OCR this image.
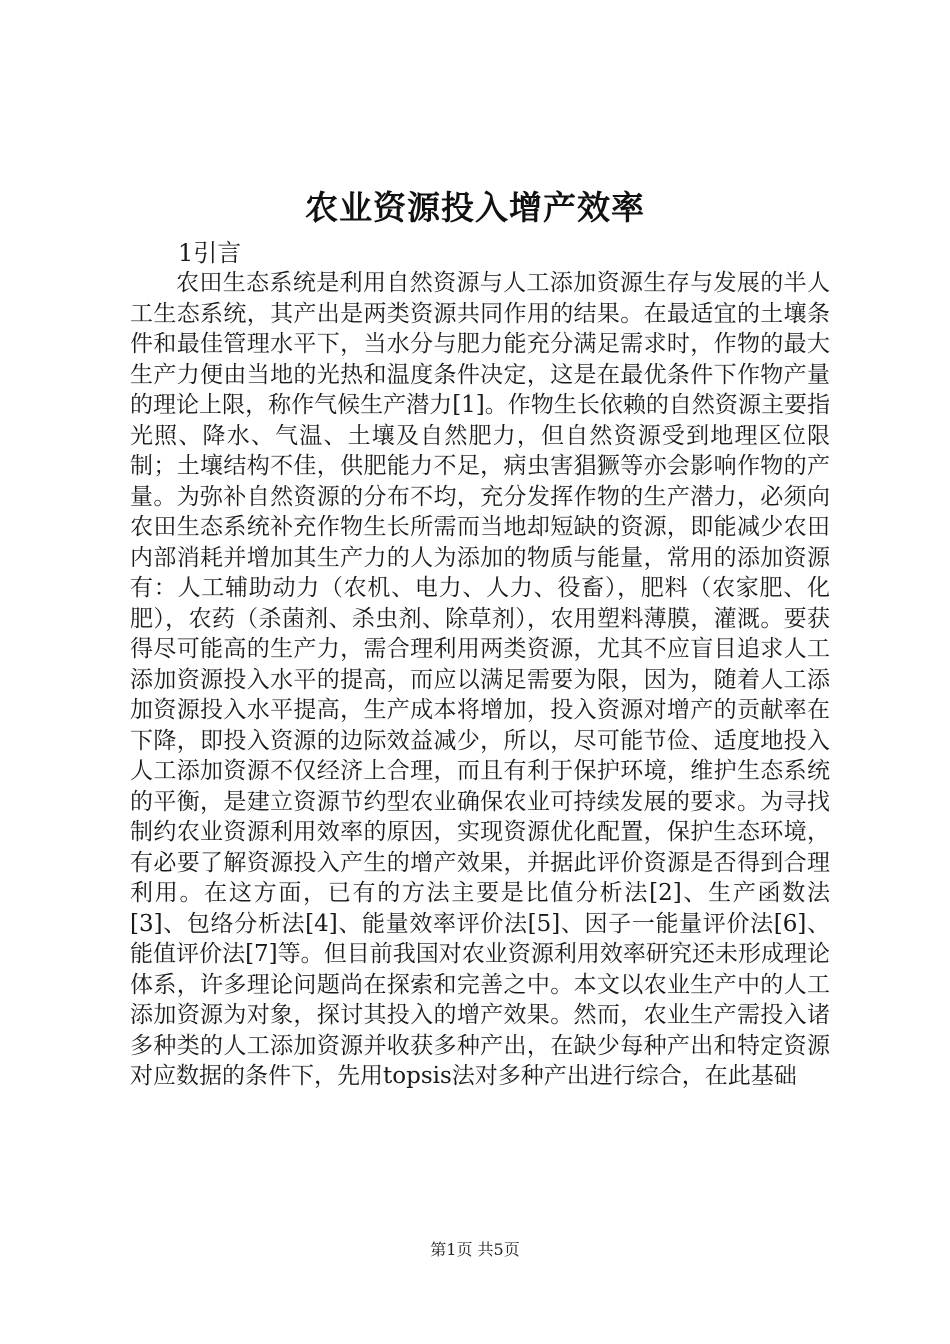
农业资源投入增产效率
1引言

农田生态系统是利用自然资源与人工添加资源生存与发展的半人工生态系统，其产出是两类资源共同作用的结果。在最适宜的土壤条件和最佳管理水平下，当水分与肥力能充分满足需求时，作物的最大生产力便由当地的光热和温度条件决定，这是在最优条件下作物产量的理论上限，称作气候生产潜力[1]。作物生长依赖的自然资源主要指光照、降水、气温、土壤及自然肥力，但自然资源受到地理区位限制；土壤结构不佳，供肥能力不足，病虫害猖獗等亦会影响作物的产量。为弥补自然资源的分布不均，充分发挥作物的生产潜力，必须向农田生态系统补充作物生长所需而当地却短缺的资源，即能减少农田内部消耗并增加其生产力的人为添加的物质与能量，常用的添加资源有：人工辅助动力（农机、电力、人力、役畜），肥料（农家肥、化肥），农药（杀菌剂、杀虫剂、除草剂），农用塑料薄膜，灌溉。要获得尽可能高的生产力，需合理利用两类资源，尤其不应盲目追求人工添加资源投入水平的提高，而应以满足需要为限，因为，随着人工添加资源投入水平提高，生产成本将增加，投入资源对增产的贡献率在下降，即投入资源的边际效益减少，所以，尽可能节俭、适度地投入人工添加资源不仅经济上合理，而且有利于保护环境，维护生态系统的平衡，是建立资源节约型农业确保农业可持续发展的要求。为寻找制约农业资源利用效率的原因，实现资源优化配置，保护生态环境，有必要了解资源投入产生的增产效果，并据此评价资源是否得到合理利用。在这方面，已有的方法主要是比值分析法[2]、生产函数法[3]、包络分析法[4]、能量效率评价法[5]、因子一能量评价法[6]、能值评价法[7]等。但目前我国对农业资源利用效率研究还未形成理论体系，许多理论问题尚在探索和完善之中。本文以农业生产中的人工添加资源为对象，探讨其投入的增产效果。然而，农业生产需投入诸多种类的人工添加资源并收获多种产出，在缺少每种产出和特定资源对应数据的条件下，先用topsis法对多种产出进行综合，在此基础

第1页 共5页
